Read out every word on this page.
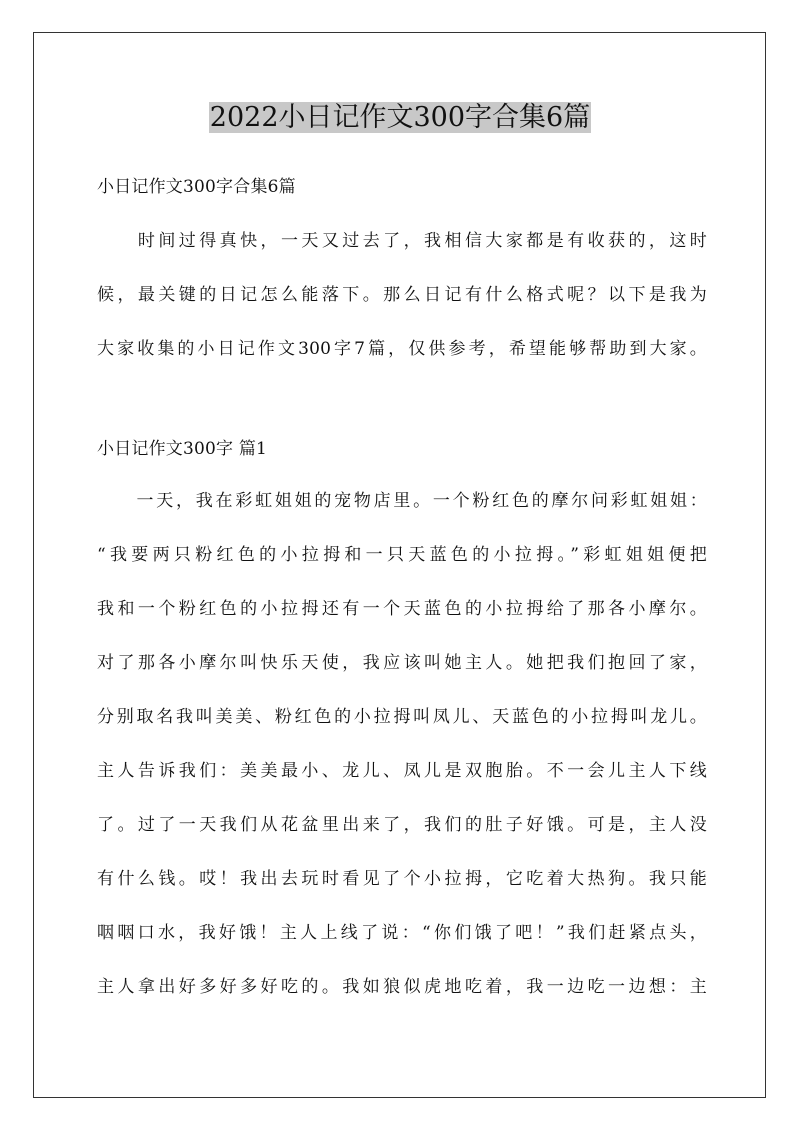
2022小日记作文300字合集6篇
小日记作文300字合集6篇
　　时间过得真快，一天又过去了，我相信大家都是有收获的，这时
候，最关键的日记怎么能落下。那么日记有什么格式呢？以下是我为
大家收集的小日记作文300字7篇，仅供参考，希望能够帮助到大家。
小日记作文300字 篇1
　　一天，我在彩虹姐姐的宠物店里。一个粉红色的摩尔问彩虹姐姐：
“我要两只粉红色的小拉拇和一只天蓝色的小拉拇。”彩虹姐姐便把
我和一个粉红色的小拉拇还有一个天蓝色的小拉拇给了那各小摩尔。
对了那各小摩尔叫快乐天使，我应该叫她主人。她把我们抱回了家，
分别取名我叫美美、粉红色的小拉拇叫凤儿、天蓝色的小拉拇叫龙儿。
主人告诉我们：美美最小、龙儿、凤儿是双胞胎。不一会儿主人下线
了。过了一天我们从花盆里出来了，我们的肚子好饿。可是，主人没
有什么钱。哎！我出去玩时看见了个小拉拇，它吃着大热狗。我只能
咽咽口水，我好饿！主人上线了说：“你们饿了吧！”我们赶紧点头，
主人拿出好多好多好吃的。我如狼似虎地吃着，我一边吃一边想：主
